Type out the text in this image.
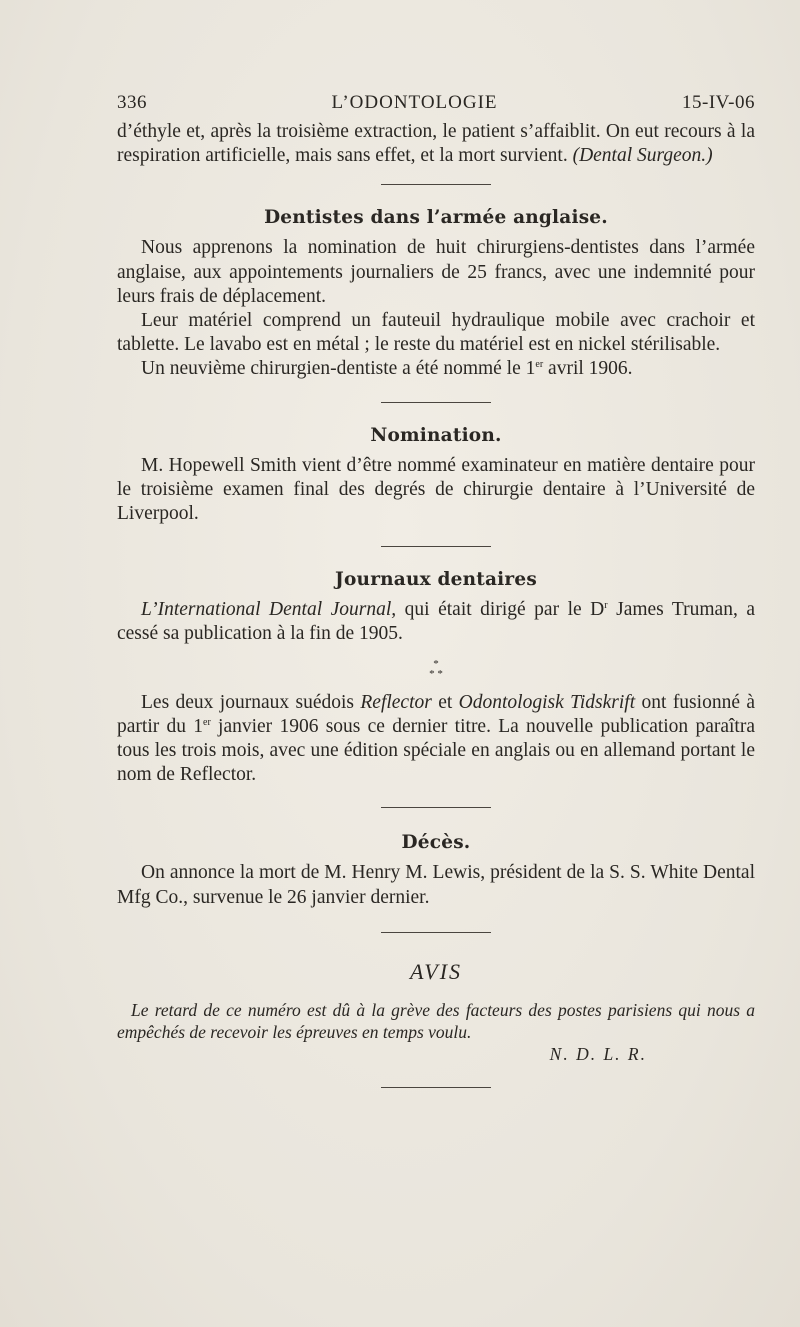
336	L’ODONTOLOGIE	15-IV-06

d’éthyle et, après la troisième extraction, le patient s’affaiblit. On eut recours à la respiration artificielle, mais sans effet, et la mort survient. (Dental Surgeon.)

Dentistes dans l’armée anglaise.

Nous apprenons la nomination de huit chirurgiens-dentistes dans l’armée anglaise, aux appointements journaliers de 25 francs, avec une indemnité pour leurs frais de déplacement.

Leur matériel comprend un fauteuil hydraulique mobile avec crachoir et tablette. Le lavabo est en métal ; le reste du matériel est en nickel stérilisable.

Un neuvième chirurgien-dentiste a été nommé le 1er avril 1906.

Nomination.

M. Hopewell Smith vient d’être nommé examinateur en matière dentaire pour le troisième examen final des degrés de chirurgie dentaire à l’Université de Liverpool.

Journaux dentaires

L’International Dental Journal, qui était dirigé par le $D^r$ James Truman, a cessé sa publication à la fin de 1905.

*
* *

Les deux journaux suédois Reflector et Odontologisk Tidskrift ont fusionné à partir du 1er janvier 1906 sous ce dernier titre. La nouvelle publication paraîtra tous les trois mois, avec une édition spéciale en anglais ou en allemand portant le nom de Reflector.

Décès.

On annonce la mort de M. Henry M. Lewis, président de la S. S. White Dental Mfg Co., survenue le 26 janvier dernier.

AVIS

Le retard de ce numéro est dû à la grève des facteurs des postes parisiens qui nous a empêchés de recevoir les épreuves en temps voulu.

N. D. L. R.
